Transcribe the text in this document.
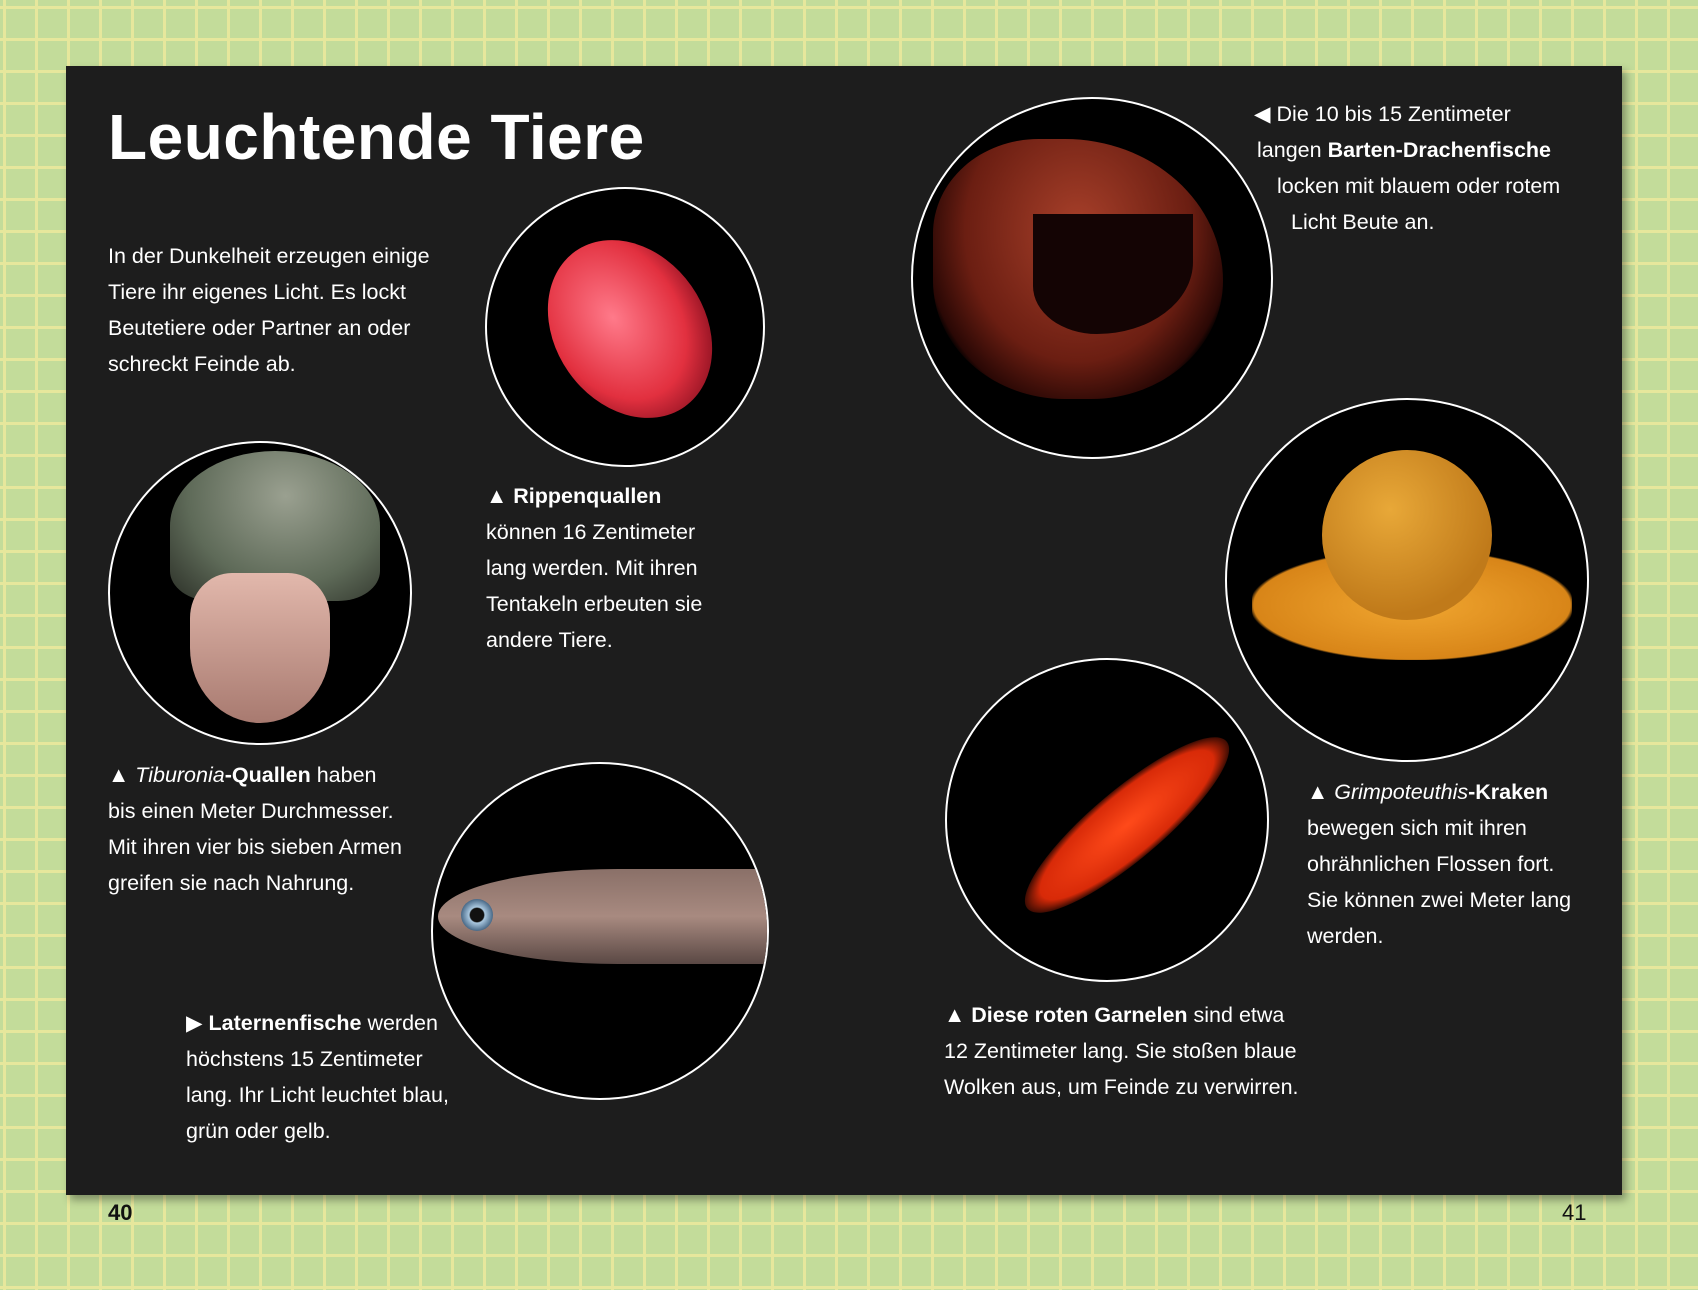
Leuchtende Tiere
In der Dunkelheit erzeugen einige
Tiere ihr eigenes Licht. Es lockt
Beutetiere oder Partner an oder
schreckt Feinde ab.
▲ Rippenquallen
können 16 Zentimeter
lang werden. Mit ihren
Tentakeln erbeuten sie
andere Tiere.
◀ Die 10 bis 15 Zentimeter
langen Barten-Drachenfische
locken mit blauem oder rotem
Licht Beute an.
▲ Tiburonia-Quallen haben
bis einen Meter Durchmesser.
Mit ihren vier bis sieben Armen
greifen sie nach Nahrung.
▶ Laternenfische werden
höchstens 15 Zentimeter
lang. Ihr Licht leuchtet blau,
grün oder gelb.
▲ Grimpoteuthis-Kraken
bewegen sich mit ihren
ohrähnlichen Flossen fort.
Sie können zwei Meter lang
werden.
▲ Diese roten Garnelen sind etwa
12 Zentimeter lang. Sie stoßen blaue
Wolken aus, um Feinde zu verwirren.
40	41
